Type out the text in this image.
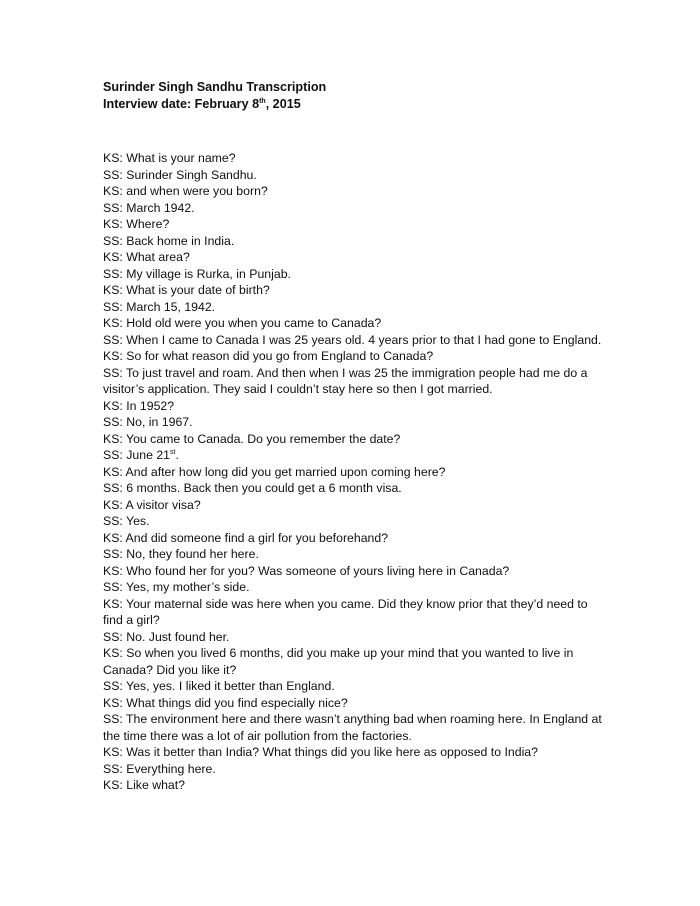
Surinder Singh Sandhu Transcription
Interview date: February 8th, 2015
KS: What is your name?
SS: Surinder Singh Sandhu.
KS: and when were you born?
SS: March 1942.
KS: Where?
SS: Back home in India.
KS: What area?
SS: My village is Rurka, in Punjab.
KS: What is your date of birth?
SS: March 15, 1942.
KS: Hold old were you when you came to Canada?
SS: When I came to Canada I was 25 years old. 4 years prior to that I had gone to England.
KS: So for what reason did you go from England to Canada?
SS: To just travel and roam. And then when I was 25 the immigration people had me do a visitor’s application. They said I couldn’t stay here so then I got married.
KS: In 1952?
SS: No, in 1967.
KS: You came to Canada. Do you remember the date?
SS: June 21st.
KS: And after how long did you get married upon coming here?
SS: 6 months. Back then you could get a 6 month visa.
KS: A visitor visa?
SS: Yes.
KS: And did someone find a girl for you beforehand?
SS: No, they found her here.
KS: Who found her for you? Was someone of yours living here in Canada?
SS: Yes, my mother’s side.
KS: Your maternal side was here when you came. Did they know prior that they’d need to find a girl?
SS: No. Just found her.
KS: So when you lived 6 months, did you make up your mind that you wanted to live in Canada? Did you like it?
SS: Yes, yes. I liked it better than England.
KS: What things did you find especially nice?
SS: The environment here and there wasn’t anything bad when roaming here. In England at the time there was a lot of air pollution from the factories.
KS: Was it better than India? What things did you like here as opposed to India?
SS: Everything here.
KS: Like what?
